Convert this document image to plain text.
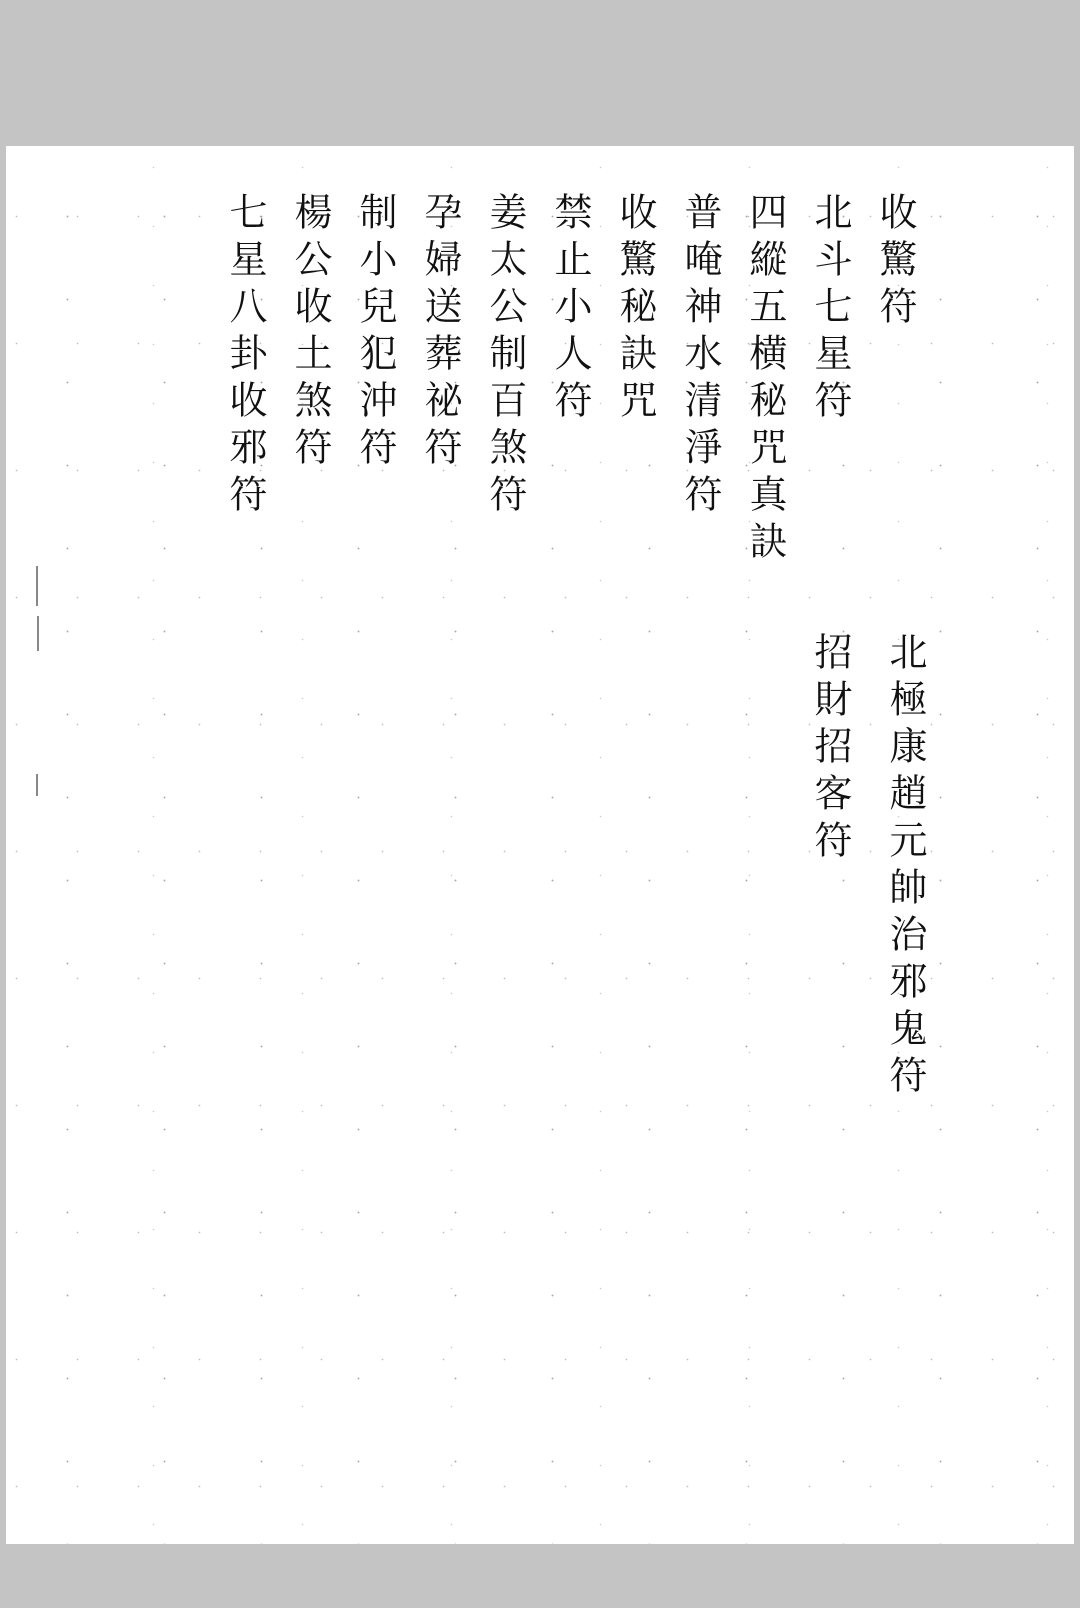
收驚符
北斗七星符
四縱五横秘咒真訣
普唵神水清淨符
收驚秘訣咒
禁止小人符
姜太公制百煞符
孕婦送葬祕符
制小兒犯沖符
楊公收土煞符
七星八卦收邪符
北極康趙元帥治邪鬼符
招財招客符
